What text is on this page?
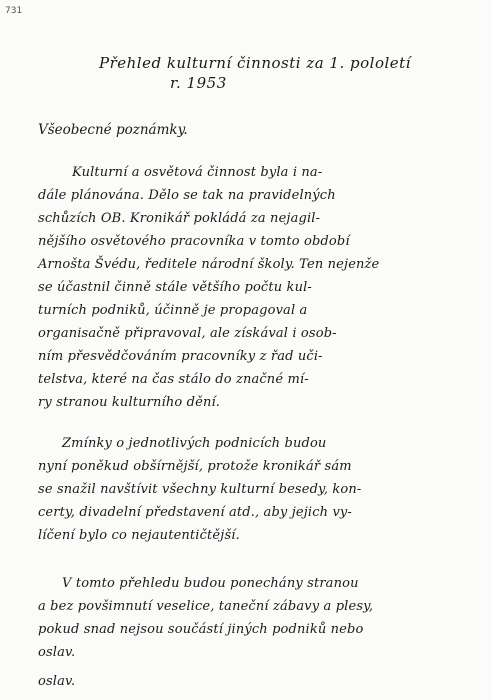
731
Přehled kulturní činnosti za 1. pololetí
r. 1953
Všeobecné poznámky.
Kulturní a osvětová činnost byla i na-
dále plánována. Dělo se tak na pravidelných
schůzích OB. Kronikář pokládá za nejagil-
nějšího osvětového pracovníka v tomto období
Arnošta Švédu, ředitele národní školy. Ten nejenže
se účastnil činně stále většího počtu kul-
turních podniků, účinně je propagoval a
organisačně připravoval, ale získával i osob-
ním přesvědčováním pracovníky z řad uči-
telstva, které na čas stálo do značné mí-
ry stranou kulturního dění.
Zmínky o jednotlivých podnicích budou
nyní poněkud obšírnější, protože kronikář sám
se snažil navštívit všechny kulturní besedy, kon-
certy, divadelní představení atd., aby jejich vy-
líčení bylo co nejautentičtější.
V tomto přehledu budou ponechány stranou
a bez povšimnutí veselice, taneční zábavy a plesy,
pokud snad nejsou součástí jiných podniků nebo
oslav.
oslav.
